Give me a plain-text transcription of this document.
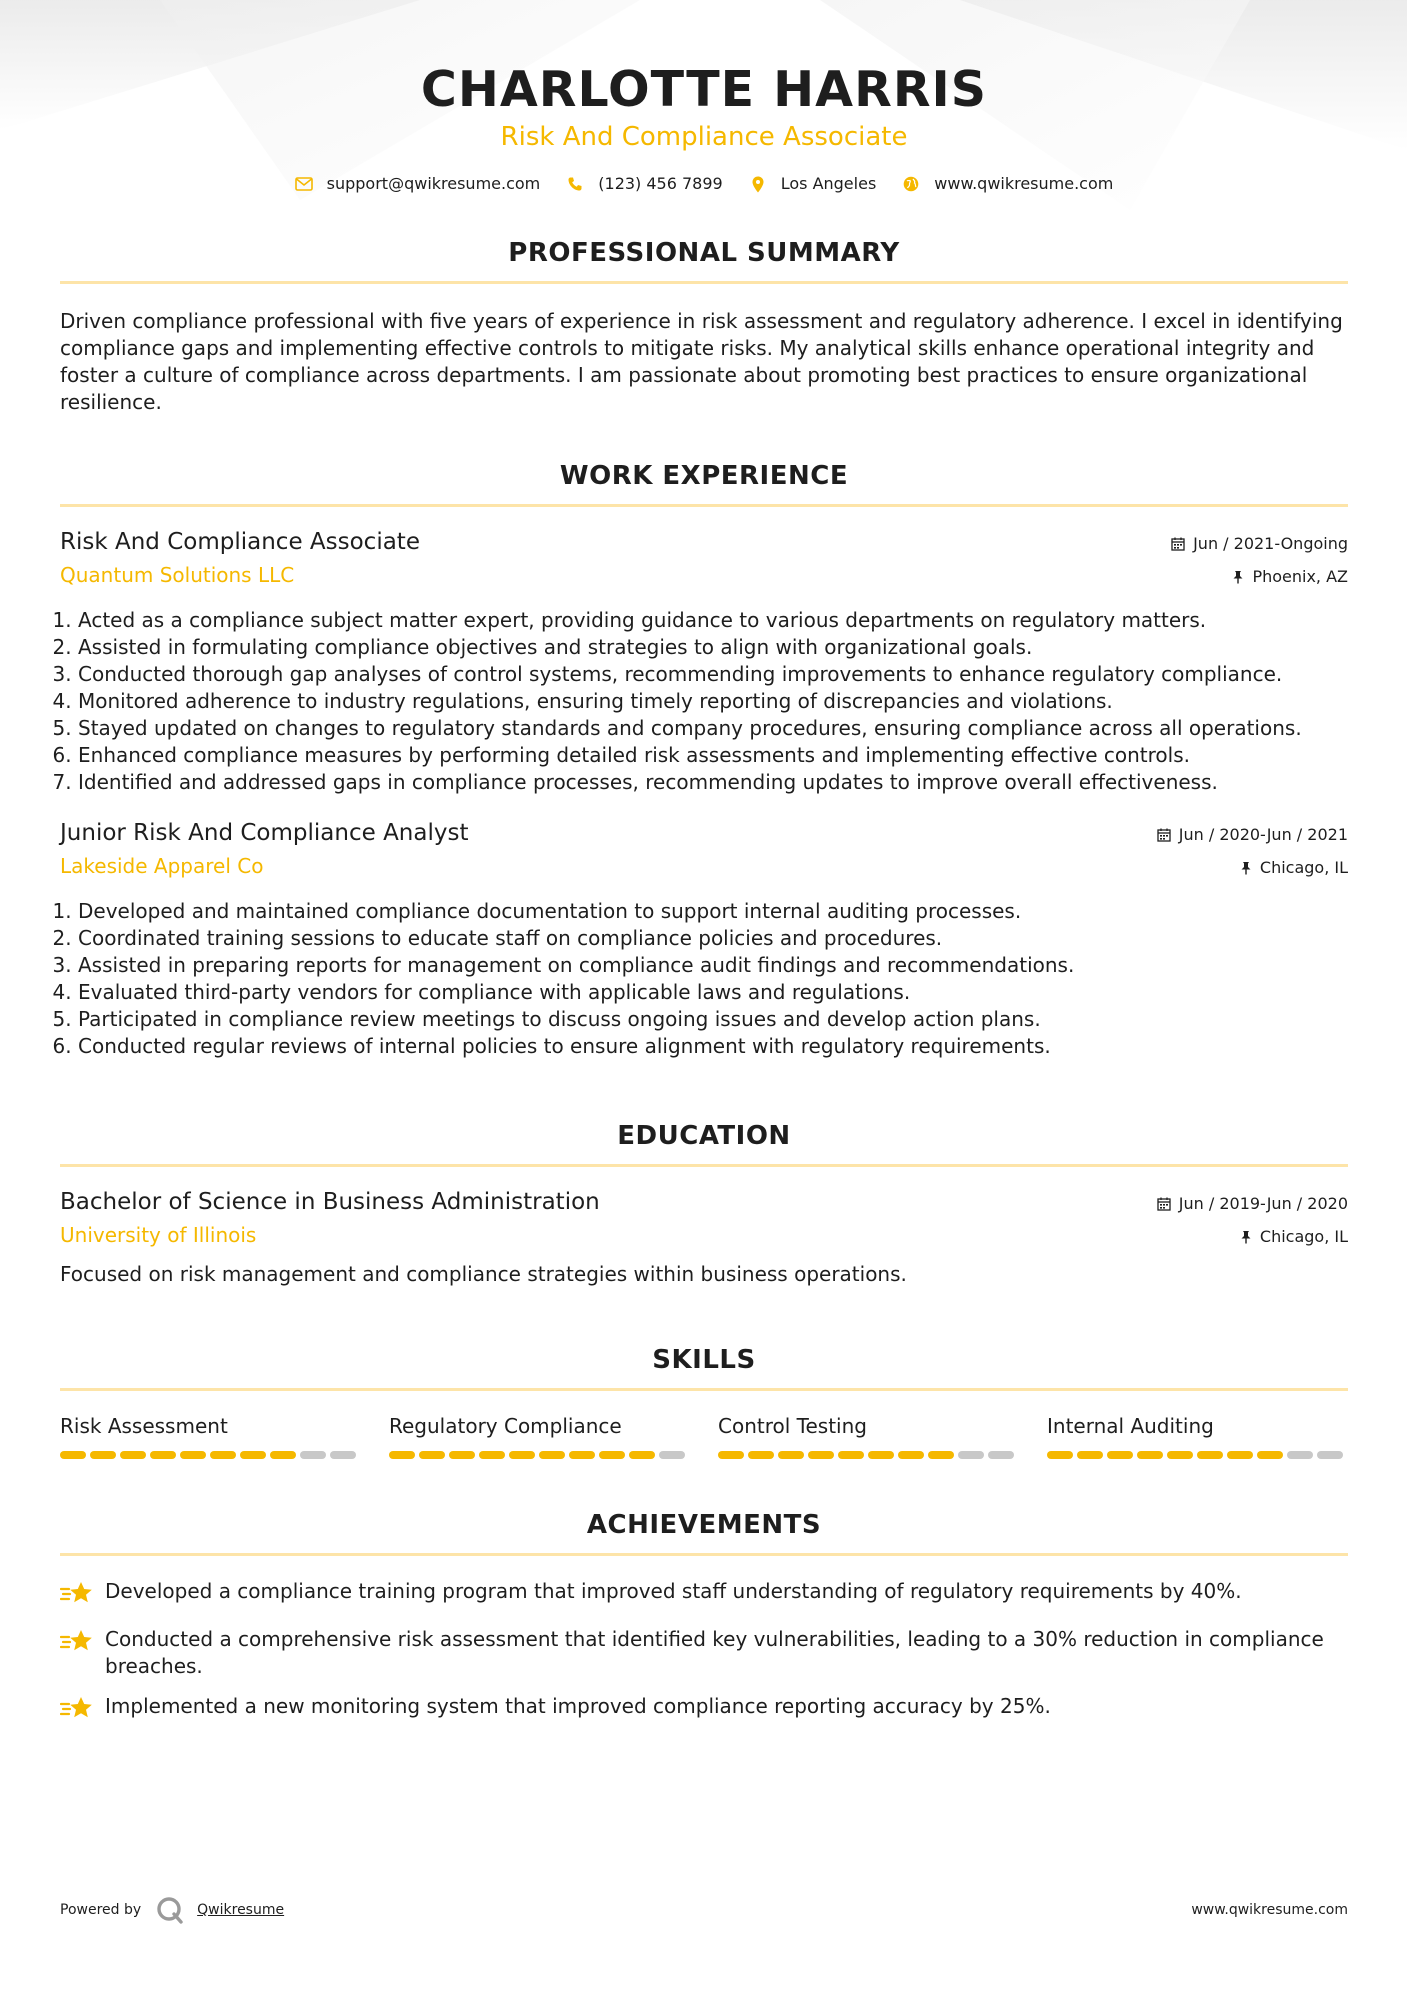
CHARLOTTE HARRIS
Risk And Compliance Associate
support@qwikresume.com	(123) 456 7899	Los Angeles	www.qwikresume.com
PROFESSIONAL SUMMARY
Driven compliance professional with five years of experience in risk assessment and regulatory adherence. I excel in identifying compliance gaps and implementing effective controls to mitigate risks. My analytical skills enhance operational integrity and foster a culture of compliance across departments. I am passionate about promoting best practices to ensure organizational resilience.
WORK EXPERIENCE
Risk And Compliance Associate
Quantum Solutions LLC
Jun / 2021-Ongoing
Phoenix, AZ
1. Acted as a compliance subject matter expert, providing guidance to various departments on regulatory matters.
2. Assisted in formulating compliance objectives and strategies to align with organizational goals.
3. Conducted thorough gap analyses of control systems, recommending improvements to enhance regulatory compliance.
4. Monitored adherence to industry regulations, ensuring timely reporting of discrepancies and violations.
5. Stayed updated on changes to regulatory standards and company procedures, ensuring compliance across all operations.
6. Enhanced compliance measures by performing detailed risk assessments and implementing effective controls.
7. Identified and addressed gaps in compliance processes, recommending updates to improve overall effectiveness.
Junior Risk And Compliance Analyst
Lakeside Apparel Co
Jun / 2020-Jun / 2021
Chicago, IL
1. Developed and maintained compliance documentation to support internal auditing processes.
2. Coordinated training sessions to educate staff on compliance policies and procedures.
3. Assisted in preparing reports for management on compliance audit findings and recommendations.
4. Evaluated third-party vendors for compliance with applicable laws and regulations.
5. Participated in compliance review meetings to discuss ongoing issues and develop action plans.
6. Conducted regular reviews of internal policies to ensure alignment with regulatory requirements.
EDUCATION
Bachelor of Science in Business Administration
University of Illinois
Jun / 2019-Jun / 2020
Chicago, IL
Focused on risk management and compliance strategies within business operations.
SKILLS
Risk Assessment	Regulatory Compliance	Control Testing	Internal Auditing
ACHIEVEMENTS
Developed a compliance training program that improved staff understanding of regulatory requirements by 40%.
Conducted a comprehensive risk assessment that identified key vulnerabilities, leading to a 30% reduction in compliance breaches.
Implemented a new monitoring system that improved compliance reporting accuracy by 25%.
Powered by	Qwikresume	www.qwikresume.com
